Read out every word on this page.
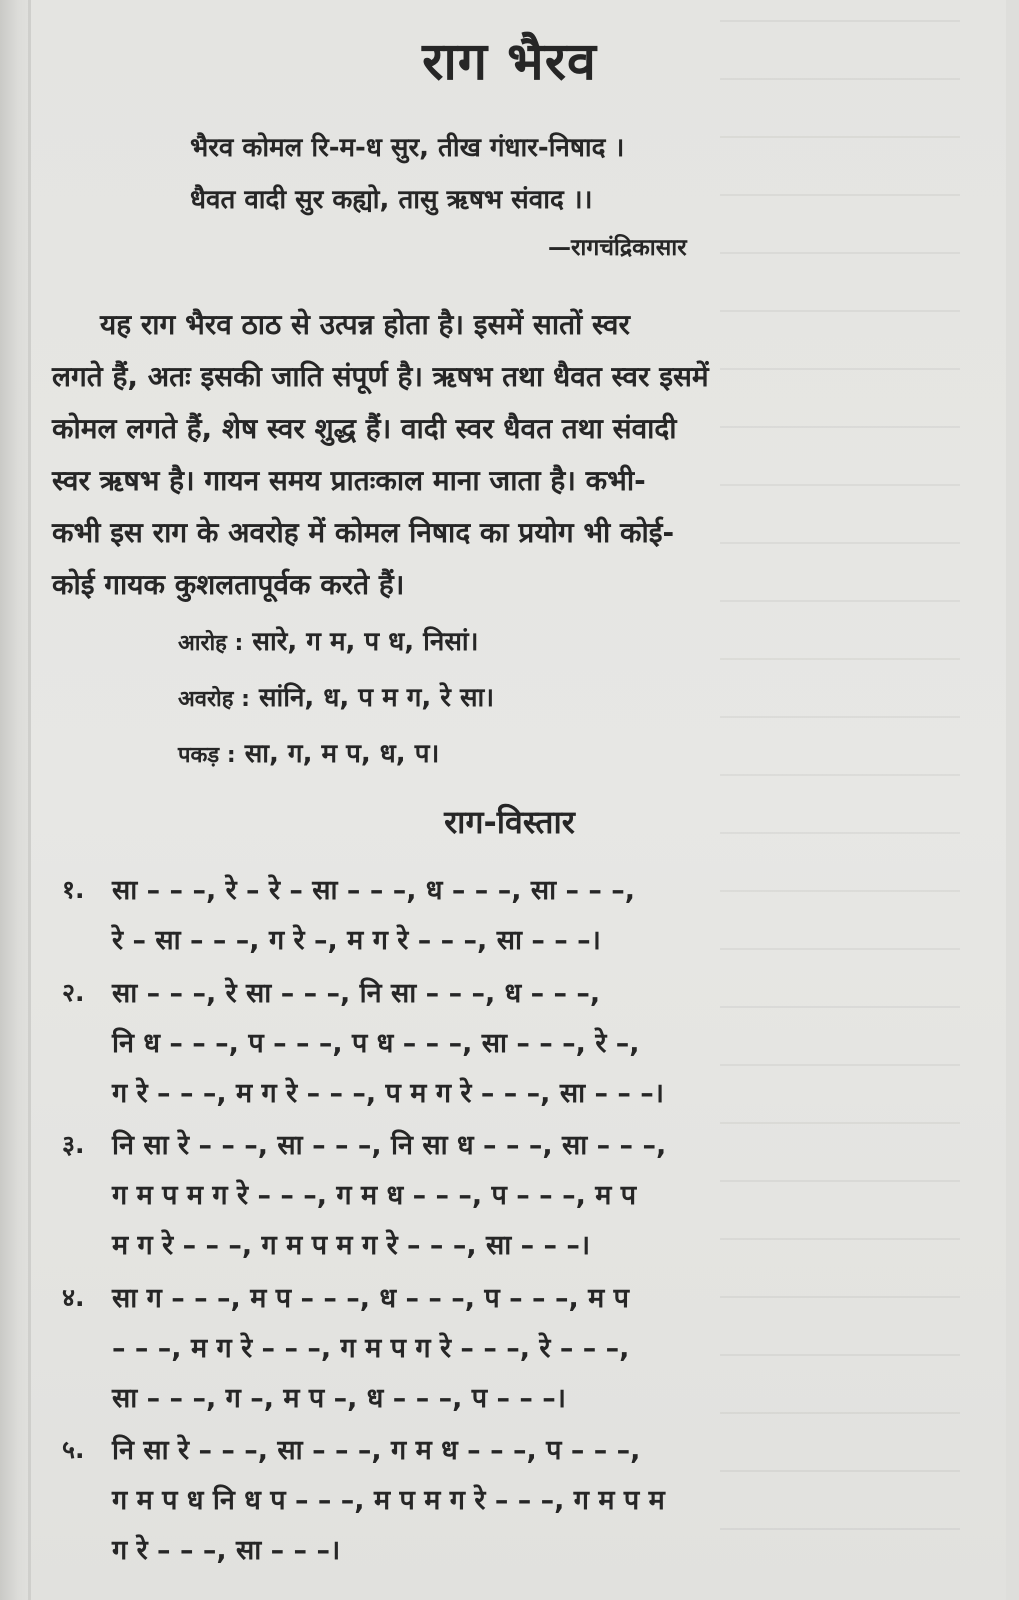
राग भैरव
भैरव कोमल रि-म-ध सुर, तीख गंधार-निषाद ।
धैवत वादी सुर कह्यो, तासु ऋषभ संवाद ।।
—रागचंद्रिकासार
यह राग भैरव ठाठ से उत्पन्न होता है। इसमें सातों स्वर
लगते हैं, अतः इसकी जाति संपूर्ण है। ऋषभ तथा धैवत स्वर इसमें
कोमल लगते हैं, शेष स्वर शुद्ध हैं। वादी स्वर धैवत तथा संवादी
स्वर ऋषभ है। गायन समय प्रातःकाल माना जाता है। कभी-
कभी इस राग के अवरोह में कोमल निषाद का प्रयोग भी कोई-
कोई गायक कुशलतापूर्वक करते हैं।
आरोह : सारे, ग म, प ध, निसां।
अवरोह : सांनि, ध, प म ग, रे सा।
पकड़ : सा, ग, म प, ध, प।
राग-विस्तार
१. सा – – –, रे – रे – सा – – –, ध – – –, सा – – –,
रे – सा – – –, ग रे –, म ग रे – – –, सा – – –।
२. सा – – –, रे सा – – –, नि सा – – –, ध – – –,
नि ध – – –, प – – –, प ध – – –, सा – – –, रे –,
ग रे – – –, म ग रे – – –, प म ग रे – – –, सा – – –।
३. नि सा रे – – –, सा – – –, नि सा ध – – –, सा – – –,
ग म प म ग रे – – –, ग म ध – – –, प – – –, म प
म ग रे – – –, ग म प म ग रे – – –, सा – – –।
४. सा ग – – –, म प – – –, ध – – –, प – – –, म प
– – –, म ग रे – – –, ग म प ग रे – – –, रे – – –,
सा – – –, ग –, म प –, ध – – –, प – – –।
५. नि सा रे – – –, सा – – –, ग म ध – – –, प – – –,
ग म प ध नि ध प – – –, म प म ग रे – – –, ग म प म
ग रे – – –, सा – – –।
